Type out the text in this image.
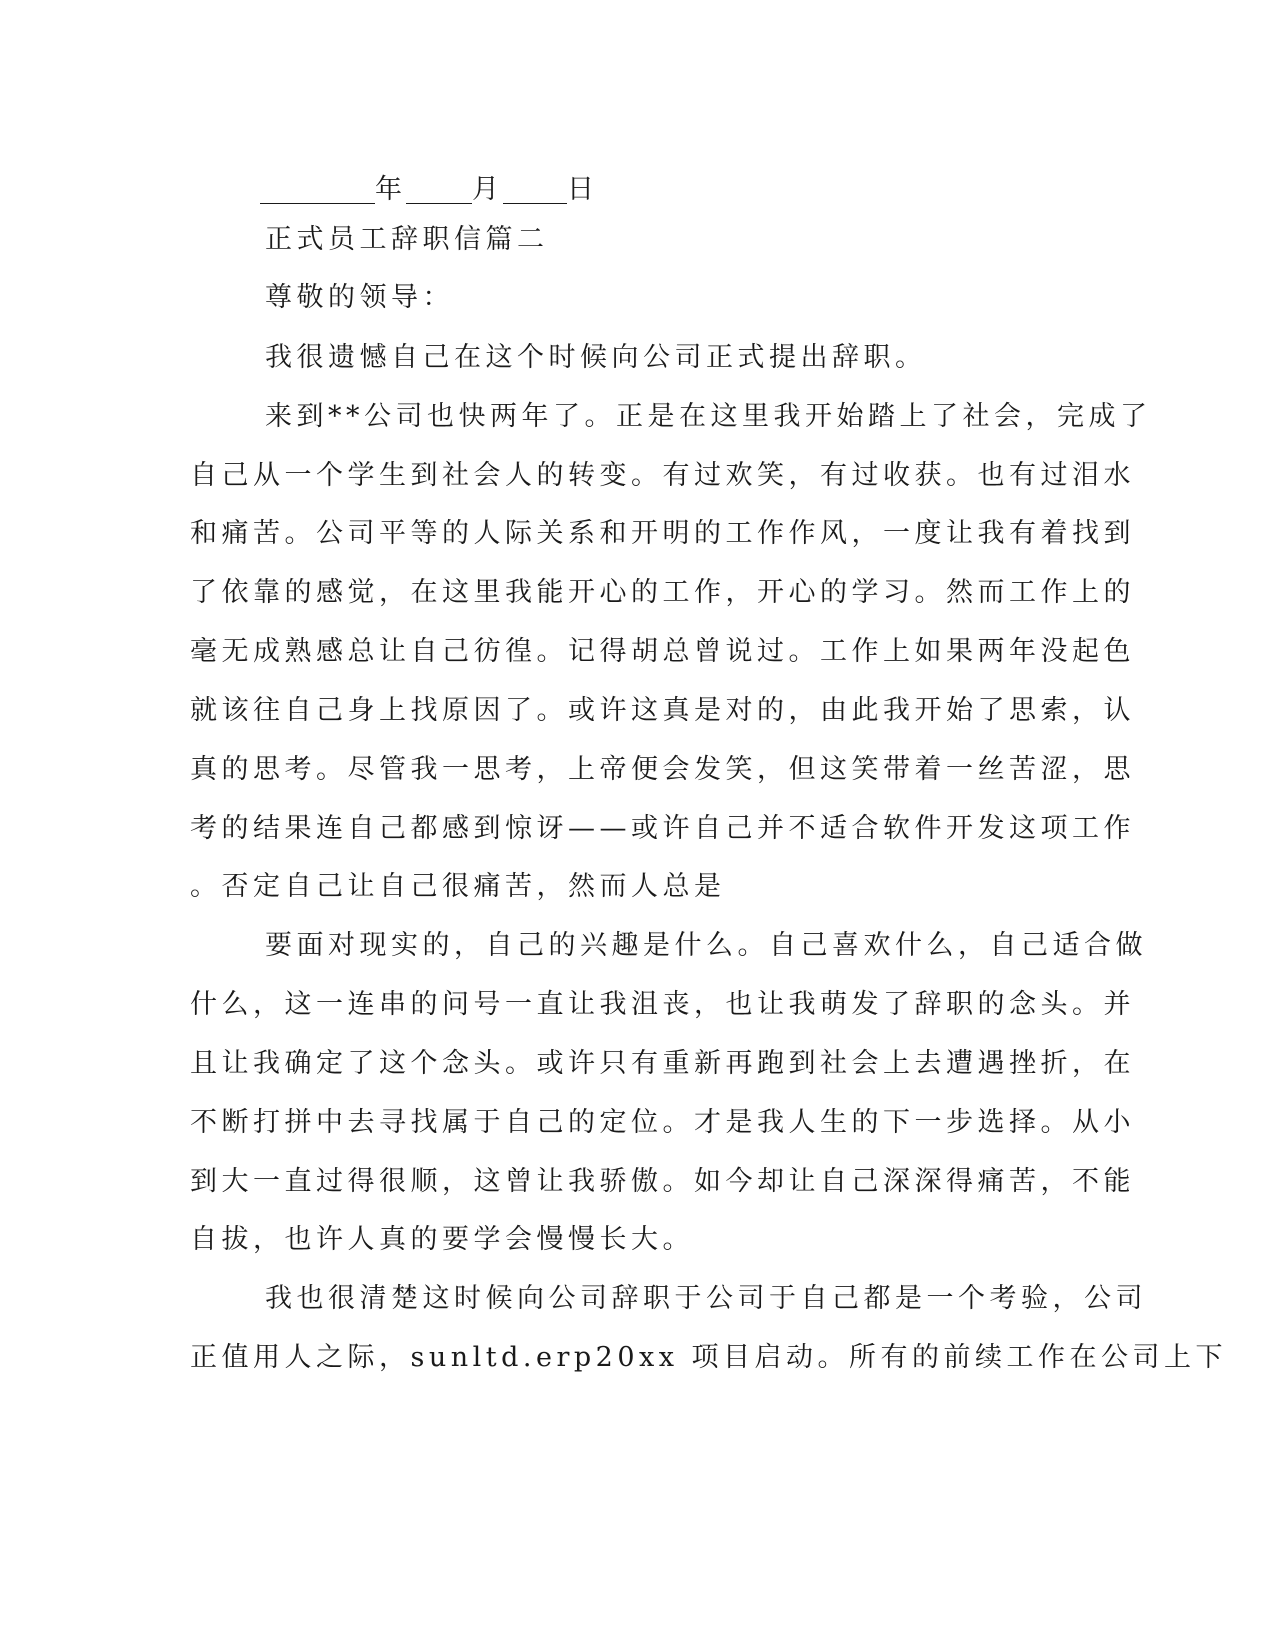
年 月 日
正式员工辞职信篇二
尊敬的领导：
我很遗憾自己在这个时候向公司正式提出辞职。
来到**公司也快两年了。正是在这里我开始踏上了社会，完成了
自己从一个学生到社会人的转变。有过欢笑，有过收获。也有过泪水
和痛苦。公司平等的人际关系和开明的工作作风，一度让我有着找到
了依靠的感觉，在这里我能开心的工作，开心的学习。然而工作上的
毫无成熟感总让自己彷徨。记得胡总曾说过。工作上如果两年没起色
就该往自己身上找原因了。或许这真是对的，由此我开始了思索，认
真的思考。尽管我一思考，上帝便会发笑，但这笑带着一丝苦涩，思
考的结果连自己都感到惊讶——或许自己并不适合软件开发这项工作
。否定自己让自己很痛苦，然而人总是
要面对现实的，自己的兴趣是什么。自己喜欢什么，自己适合做
什么，这一连串的问号一直让我沮丧，也让我萌发了辞职的念头。并
且让我确定了这个念头。或许只有重新再跑到社会上去遭遇挫折，在
不断打拼中去寻找属于自己的定位。才是我人生的下一步选择。从小
到大一直过得很顺，这曾让我骄傲。如今却让自己深深得痛苦，不能
自拔，也许人真的要学会慢慢长大。
我也很清楚这时候向公司辞职于公司于自己都是一个考验，公司
正值用人之际，sunltd.erp20xx 项目启动。所有的前续工作在公司上下
